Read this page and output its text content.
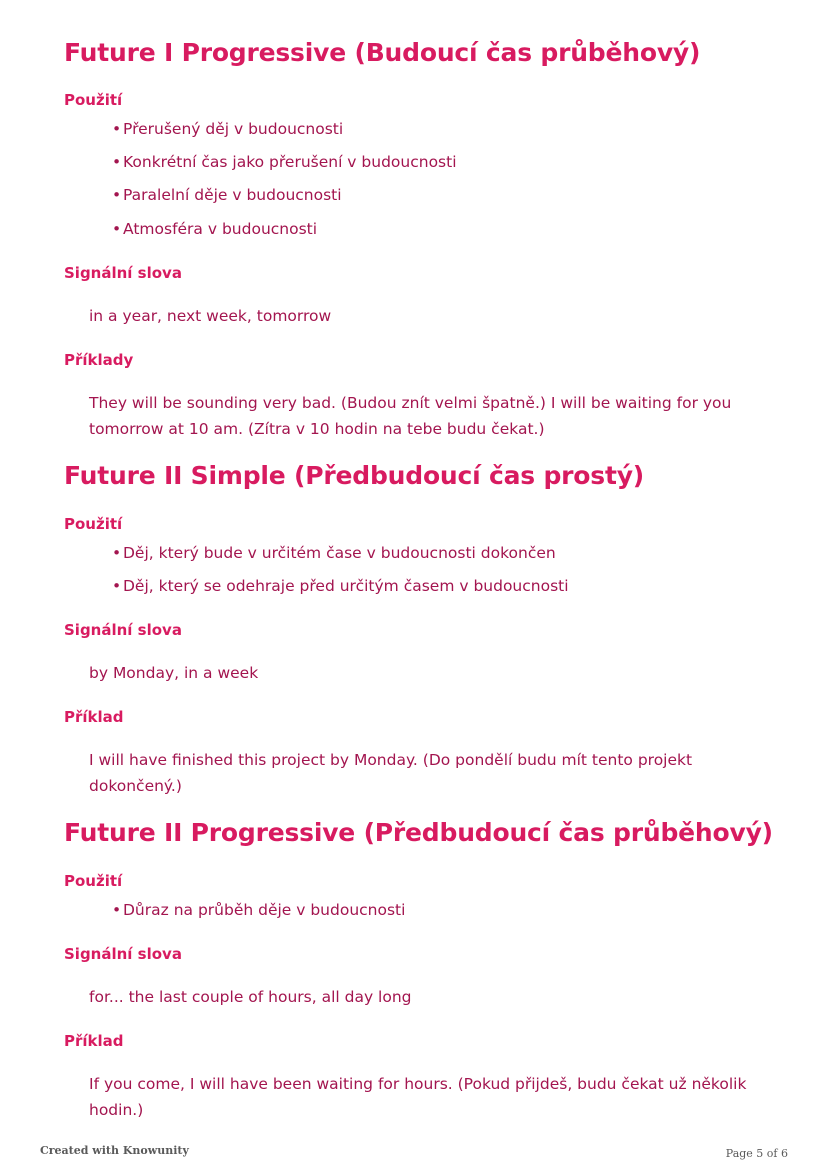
Future I Progressive (Budoucí čas průběhový)
Použití
• Přerušený děj v budoucnosti
• Konkrétní čas jako přerušení v budoucnosti
• Paralelní děje v budoucnosti
• Atmosféra v budoucnosti
Signální slova

in a year, next week, tomorrow

Příklady

They will be sounding very bad. (Budou znít velmi špatně.) I will be waiting for you tomorrow at 10 am. (Zítra v 10 hodin na tebe budu čekat.)

Future II Simple (Předbudoucí čas prostý)
Použití
• Děj, který bude v určitém čase v budoucnosti dokončen
• Děj, který se odehraje před určitým časem v budoucnosti
Signální slova

by Monday, in a week

Příklad

I will have finished this project by Monday. (Do pondělí budu mít tento projekt dokončený.)

Future II Progressive (Předbudoucí čas průběhový)
Použití
• Důraz na průběh děje v budoucnosti
Signální slova

for... the last couple of hours, all day long

Příklad

If you come, I will have been waiting for hours. (Pokud přijdeš, budu čekat už několik hodin.)

Created with Knowunity	Page 5 of 6
